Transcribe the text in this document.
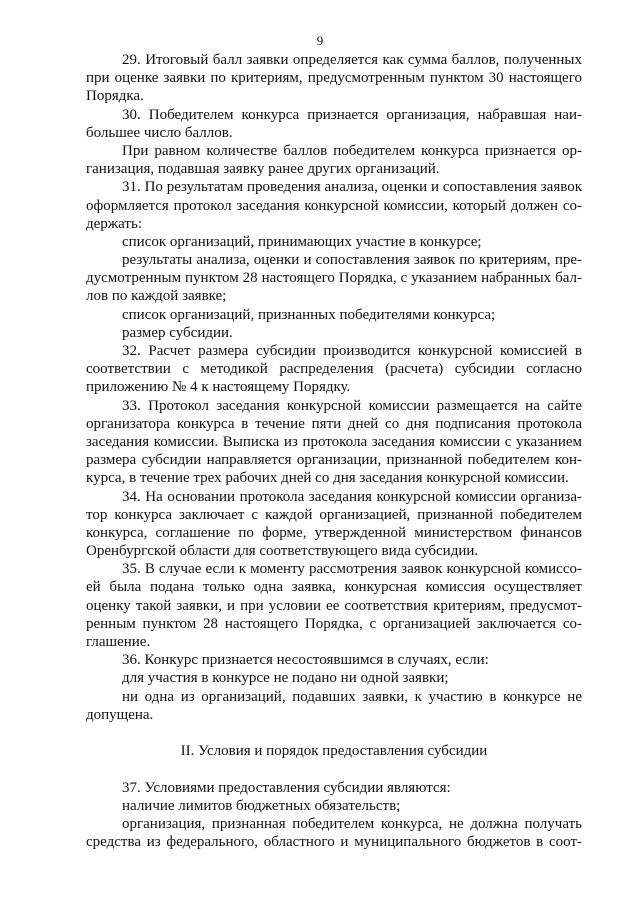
9
29. Итоговый балл заявки определяется как сумма баллов, полученных
при оценке заявки по критериям, предусмотренным пунктом 30 настоящего
Порядка.
30. Победителем конкурса признается организация, набравшая наи-
большее число баллов.
При равном количестве баллов победителем конкурса признается ор-
ганизация, подавшая заявку ранее других организаций.
31. По результатам проведения анализа, оценки и сопоставления заявок
оформляется протокол заседания конкурсной комиссии, который должен со-
держать:
список организаций, принимающих участие в конкурсе;
результаты анализа, оценки и сопоставления заявок по критериям, пре-
дусмотренным пунктом 28 настоящего Порядка, с указанием набранных бал-
лов по каждой заявке;
список организаций, признанных победителями конкурса;
размер субсидии.
32. Расчет размера субсидии производится конкурсной комиссией в
соответствии с методикой распределения (расчета) субсидии согласно
приложению № 4 к настоящему Порядку.
33. Протокол заседания конкурсной комиссии размещается на сайте
организатора конкурса в течение пяти дней со дня подписания протокола
заседания комиссии. Выписка из протокола заседания комиссии с указанием
размера субсидии направляется организации, признанной победителем кон-
курса, в течение трех рабочих дней со дня заседания конкурсной комиссии.
34. На основании протокола заседания конкурсной комиссии организа-
тор конкурса заключает с каждой организацией, признанной победителем
конкурса, соглашение по форме, утвержденной министерством финансов
Оренбургской области для соответствующего вида субсидии.
35. В случае если к моменту рассмотрения заявок конкурсной комиссо-
ей была подана только одна заявка, конкурсная комиссия осуществляет
оценку такой заявки, и при условии ее соответствия критериям, предусмот-
ренным пунктом 28 настоящего Порядка, с организацией заключается со-
глашение.
36. Конкурс признается несостоявшимся в случаях, если:
для участия в конкурсе не подано ни одной заявки;
ни одна из организаций, подавших заявки, к участию в конкурсе не
допущена.
II. Условия и порядок предоставления субсидии
37. Условиями предоставления субсидии являются:
наличие лимитов бюджетных обязательств;
организация, признанная победителем конкурса, не должна получать
средства из федерального, областного и муниципального бюджетов в соот-
